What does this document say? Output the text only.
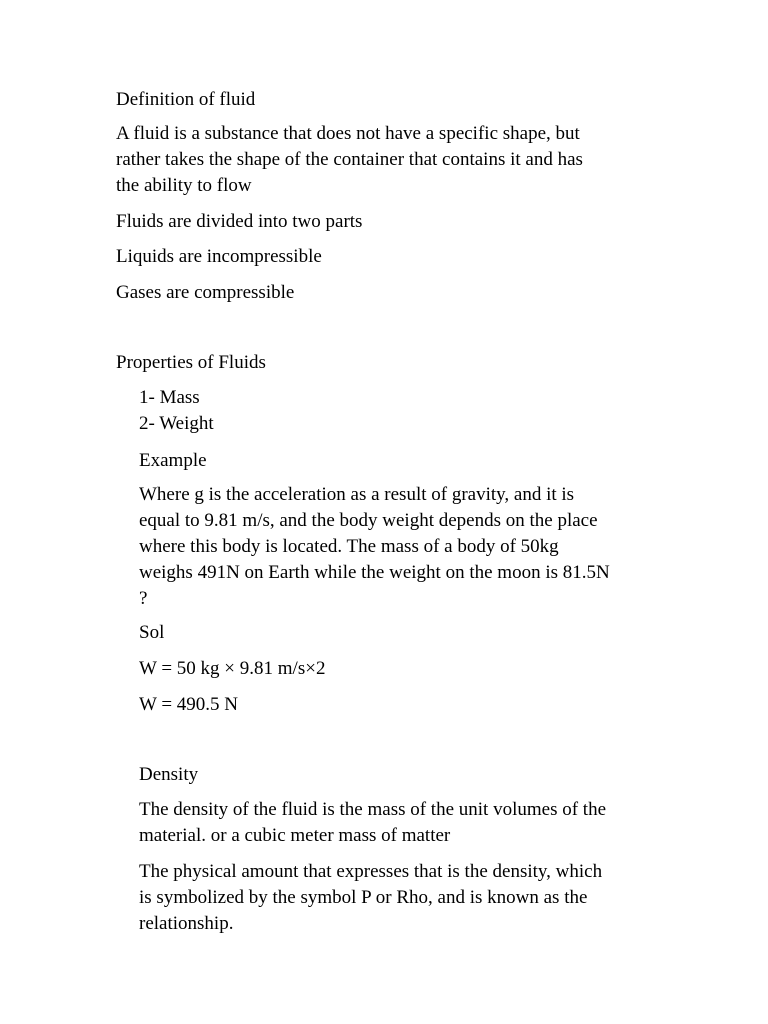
Definition of fluid
A fluid is a substance that does not have a specific shape, but
rather takes the shape of the container that contains it and has
the ability to flow
Fluids are divided into two parts
Liquids are incompressible
Gases are compressible
Properties of Fluids
1- Mass
2- Weight
Example
Where g is the acceleration as a result of gravity, and it is
equal to 9.81 m/s, and the body weight depends on the place
where this body is located. The mass of a body of 50kg
weighs 491N on Earth while the weight on the moon is 81.5N
?
Sol
W = 50 kg × 9.81 m/s×2
W = 490.5 N
Density
The density of the fluid is the mass of the unit volumes of the
material. or a cubic meter mass of matter
The physical amount that expresses that is the density, which
is symbolized by the symbol P or Rho, and is known as the
relationship.
